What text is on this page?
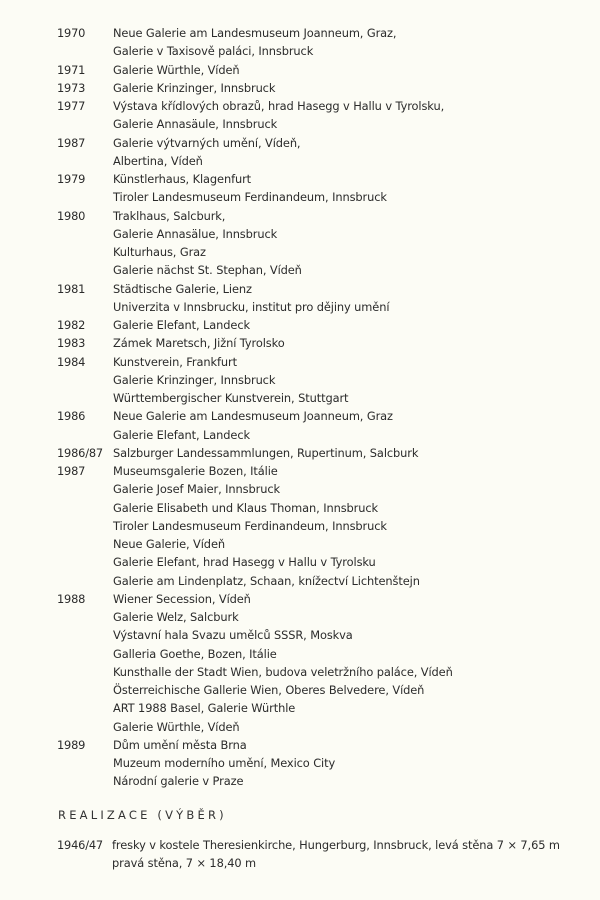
1970	Neue Galerie am Landesmuseum Joanneum, Graz,
Galerie v Taxisově paláci, Innsbruck
1971	Galerie Würthle, Vídeň
1973	Galerie Krinzinger, Innsbruck
1977	Výstava křídlových obrazů, hrad Hasegg v Hallu v Tyrolsku,
Galerie Annasäule, Innsbruck
1987	Galerie výtvarných umění, Vídeň,
Albertina, Vídeň
1979	Künstlerhaus, Klagenfurt
Tiroler Landesmuseum Ferdinandeum, Innsbruck
1980	Traklhaus, Salcburk,
Galerie Annasälue, Innsbruck
Kulturhaus, Graz
Galerie nächst St. Stephan, Vídeň
1981	Städtische Galerie, Lienz
Univerzita v Innsbrucku, institut pro dějiny umění
1982	Galerie Elefant, Landeck
1983	Zámek Maretsch, Jižní Tyrolsko
1984	Kunstverein, Frankfurt
Galerie Krinzinger, Innsbruck
Württembergischer Kunstverein, Stuttgart
1986	Neue Galerie am Landesmuseum Joanneum, Graz
Galerie Elefant, Landeck
1986/87 Salzburger Landessammlungen, Rupertinum, Salcburk
1987	Museumsgalerie Bozen, Itálie
Galerie Josef Maier, Innsbruck
Galerie Elisabeth und Klaus Thoman, Innsbruck
Tiroler Landesmuseum Ferdinandeum, Innsbruck
Neue Galerie, Vídeň
Galerie Elefant, hrad Hasegg v Hallu v Tyrolsku
Galerie am Lindenplatz, Schaan, knížectví Lichtenštejn
1988	Wiener Secession, Vídeň
Galerie Welz, Salcburk
Výstavní hala Svazu umělců SSSR, Moskva
Galleria Goethe, Bozen, Itálie
Kunsthalle der Stadt Wien, budova veletržního paláce, Vídeň
Österreichische Gallerie Wien, Oberes Belvedere, Vídeň
ART 1988 Basel, Galerie Würthle
Galerie Würthle, Vídeň
1989	Dům umění města Brna
Muzeum moderního umění, Mexico City
Národní galerie v Praze
REALIZACE (VÝBĚR)
1946/47 fresky v kostele Theresienkirche, Hungerburg, Innsbruck, levá stěna 7 × 7,65 m
pravá stěna, 7 × 18,40 m
